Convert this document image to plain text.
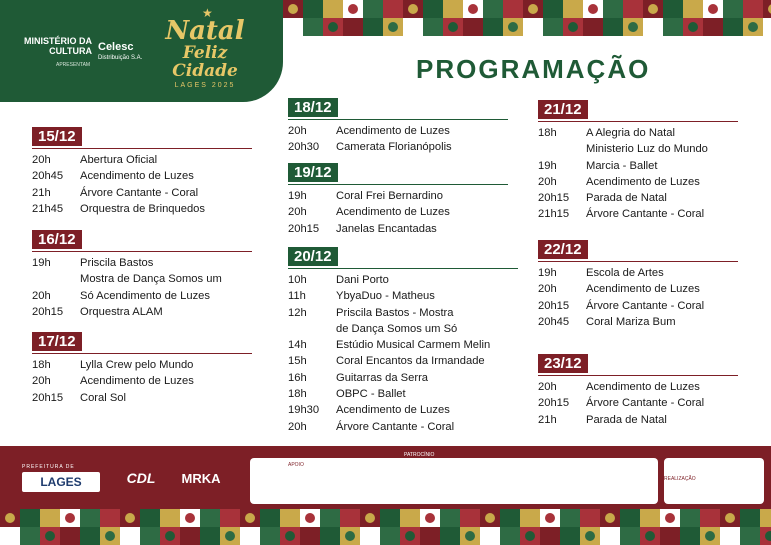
MINISTÉRIO DA CULTURA Celesc
Distribuição S.A.
APRESENTAM
★
Natal
Feliz Cidade
LAGES 2025
PROGRAMAÇÃO
15/12
20h	Abertura Oficial
20h45	Acendimento de Luzes
21h	Árvore Cantante - Coral
21h45	Orquestra de Brinquedos
16/12
19h	Priscila Bastos
Mostra de Dança Somos um
20h	Só Acendimento de Luzes
20h15	Orquestra ALAM
17/12
18h	Lylla Crew pelo Mundo
20h	Acendimento de Luzes
20h15	Coral Sol
18/12
20h	Acendimento de Luzes
20h30	Camerata Florianópolis
19/12
19h	Coral Frei Bernardino
20h	Acendimento de Luzes
20h15	Janelas Encantadas
20/12
10h	Dani Porto
11h	YbyaDuo - Matheus
12h	Priscila Bastos - Mostra
de Dança Somos um Só
14h	Estúdio Musical Carmem Melin
15h	Coral Encantos da Irmandade
16h	Guitarras da Serra
18h	OBPC - Ballet
19h30	Acendimento de Luzes
20h	Árvore Cantante - Coral
21/12
18h	A Alegria do Natal
Ministerio Luz do Mundo
19h	Marcia - Ballet
20h	Acendimento de Luzes
20h15	Parada de Natal
21h15	Árvore Cantante - Coral
22/12
19h	Escola de Artes
20h	Acendimento de Luzes
20h15	Árvore Cantante - Coral
20h45	Coral Mariza Bum
23/12
20h	Acendimento de Luzes
20h15	Árvore Cantante - Coral
21h	Parada de Natal
PREFEITURA DE
LAGES	CDL	MRKA
APOIO
PATROCÍNIO
REALIZAÇÃO
